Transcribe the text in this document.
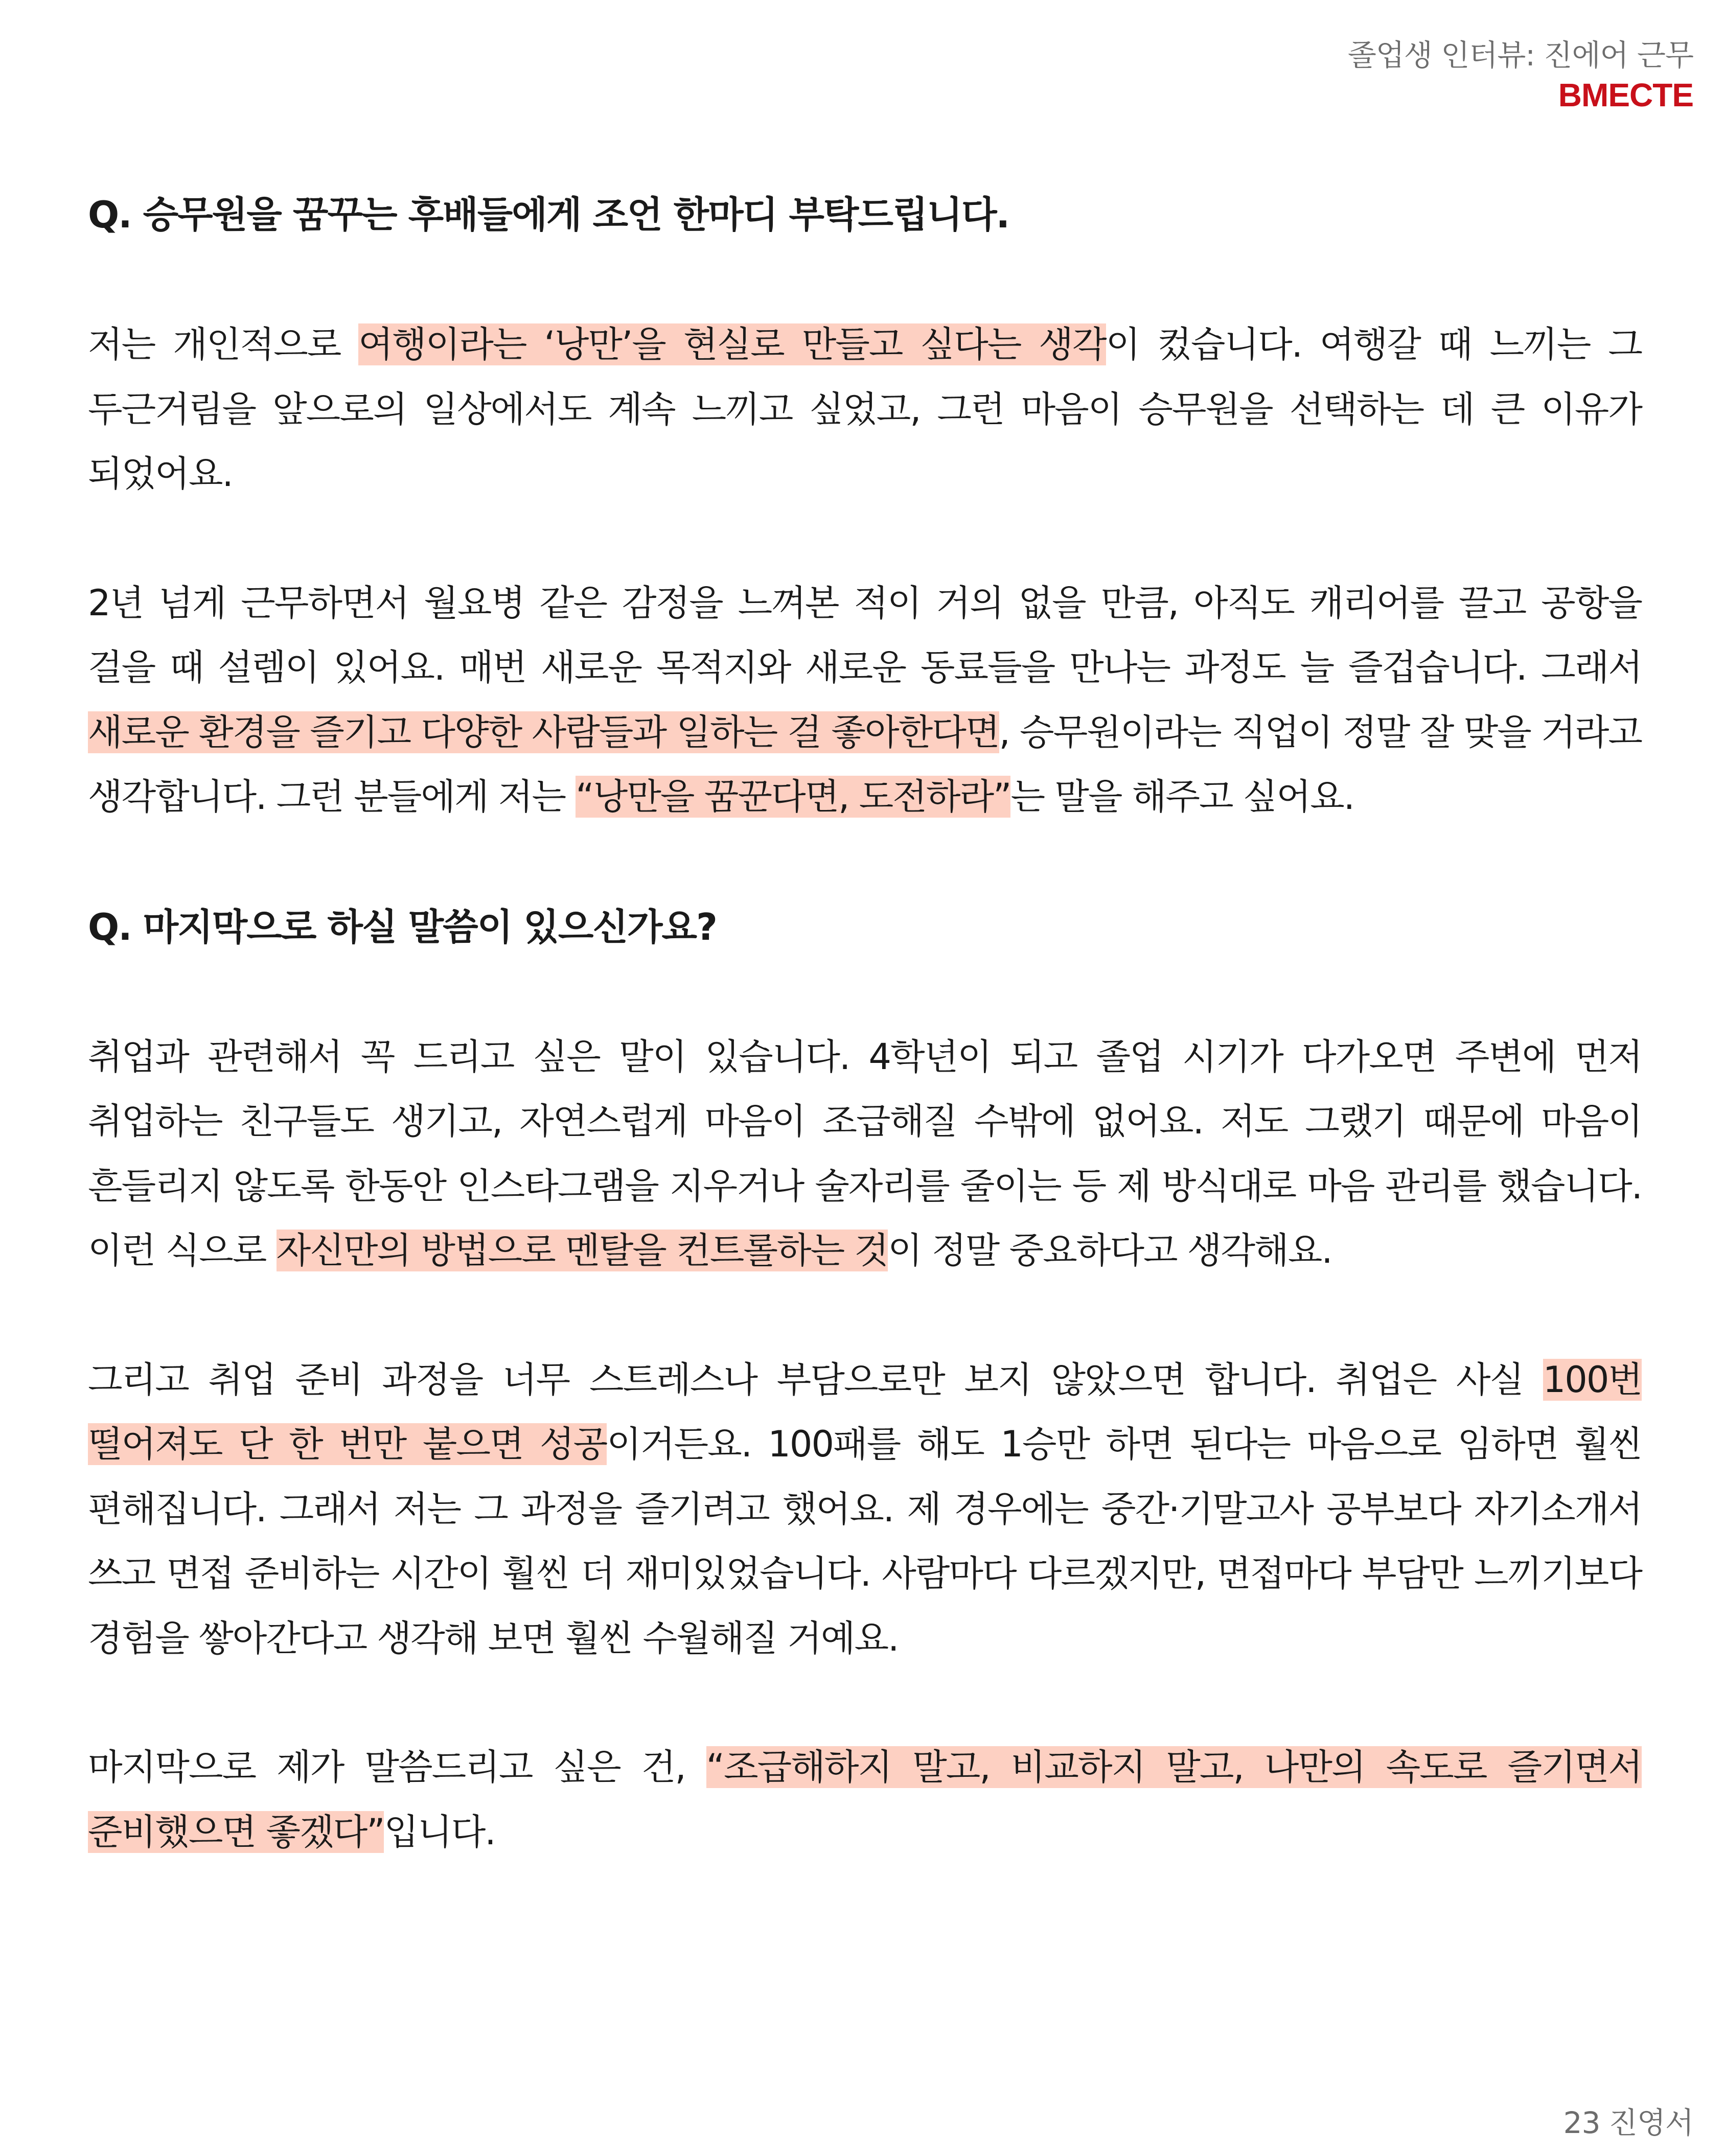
졸업생 인터뷰: 진에어 근무
BMECTE
Q. 승무원을 꿈꾸는 후배들에게 조언 한마디 부탁드립니다.

저는 개인적으로 여행이라는 ‘낭만’을 현실로 만들고 싶다는 생각이 컸습니다. 여행갈 때 느끼는 그 두근거림을 앞으로의 일상에서도 계속 느끼고 싶었고, 그런 마음이 승무원을 선택하는 데 큰 이유가 되었어요.

2년 넘게 근무하면서 월요병 같은 감정을 느껴본 적이 거의 없을 만큼, 아직도 캐리어를 끌고 공항을 걸을 때 설렘이 있어요. 매번 새로운 목적지와 새로운 동료들을 만나는 과정도 늘 즐겁습니다. 그래서 새로운 환경을 즐기고 다양한 사람들과 일하는 걸 좋아한다면, 승무원이라는 직업이 정말 잘 맞을 거라고 생각합니다. 그런 분들에게 저는 “낭만을 꿈꾼다면, 도전하라”는 말을 해주고 싶어요.

Q. 마지막으로 하실 말씀이 있으신가요?

취업과 관련해서 꼭 드리고 싶은 말이 있습니다. 4학년이 되고 졸업 시기가 다가오면 주변에 먼저 취업하는 친구들도 생기고, 자연스럽게 마음이 조급해질 수밖에 없어요. 저도 그랬기 때문에 마음이 흔들리지 않도록 한동안 인스타그램을 지우거나 술자리를 줄이는 등 제 방식대로 마음 관리를 했습니다. 이런 식으로 자신만의 방법으로 멘탈을 컨트롤하는 것이 정말 중요하다고 생각해요.

그리고 취업 준비 과정을 너무 스트레스나 부담으로만 보지 않았으면 합니다. 취업은 사실 100번 떨어져도 단 한 번만 붙으면 성공이거든요. 100패를 해도 1승만 하면 된다는 마음으로 임하면 훨씬 편해집니다. 그래서 저는 그 과정을 즐기려고 했어요. 제 경우에는 중간·기말고사 공부보다 자기소개서 쓰고 면접 준비하는 시간이 훨씬 더 재미있었습니다. 사람마다 다르겠지만, 면접마다 부담만 느끼기보다 경험을 쌓아간다고 생각해 보면 훨씬 수월해질 거예요.

마지막으로 제가 말씀드리고 싶은 건, “조급해하지 말고, 비교하지 말고, 나만의 속도로 즐기면서 준비했으면 좋겠다”입니다.

23 진영서
